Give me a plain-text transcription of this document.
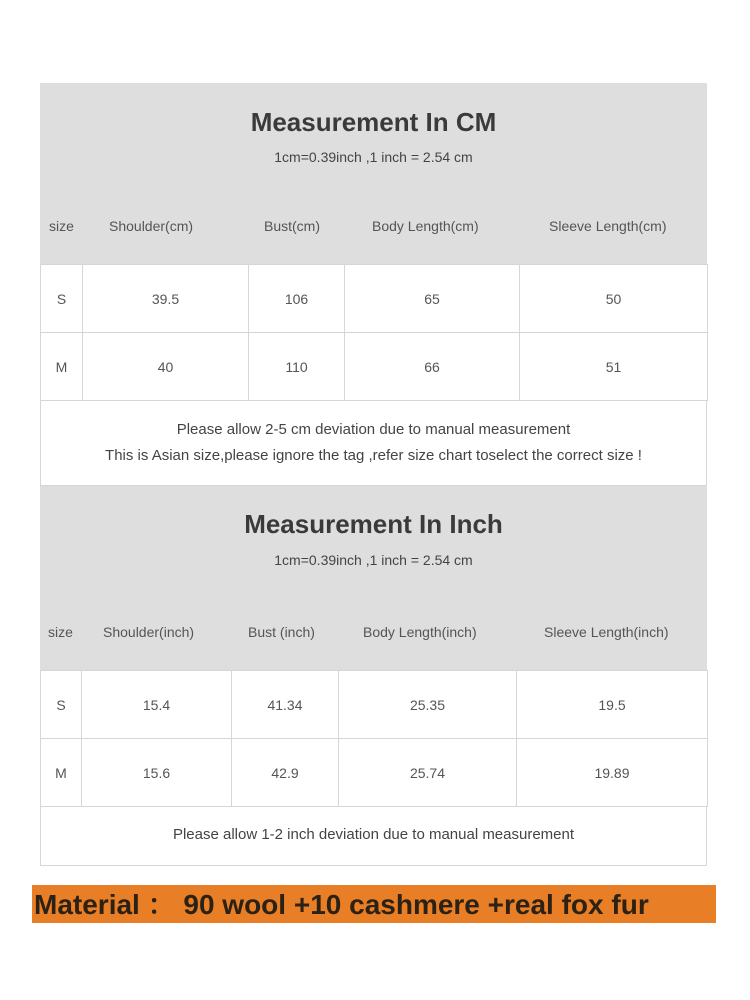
Measurement In CM
1cm=0.39inch ,1 inch = 2.54 cm
size	Shoulder(cm)	Bust(cm)	Body Length(cm)	Sleeve Length(cm)
S	39.5	106	65	50
M	40	110	66	51
Please allow 2-5 cm deviation due to manual measurement
This is Asian size,please ignore the tag ,refer size chart toselect the correct size !
Measurement In Inch
1cm=0.39inch ,1 inch = 2.54 cm
size Shoulder(inch)	Bust (inch)	Body Length(inch)	Sleeve Length(inch)
S	15.4	41.34	25.35	19.5
M	15.6	42.9	25.74	19.89
Please allow 1-2 inch deviation due to manual measurement
Material ： 90 wool +10 cashmere +real fox fur
